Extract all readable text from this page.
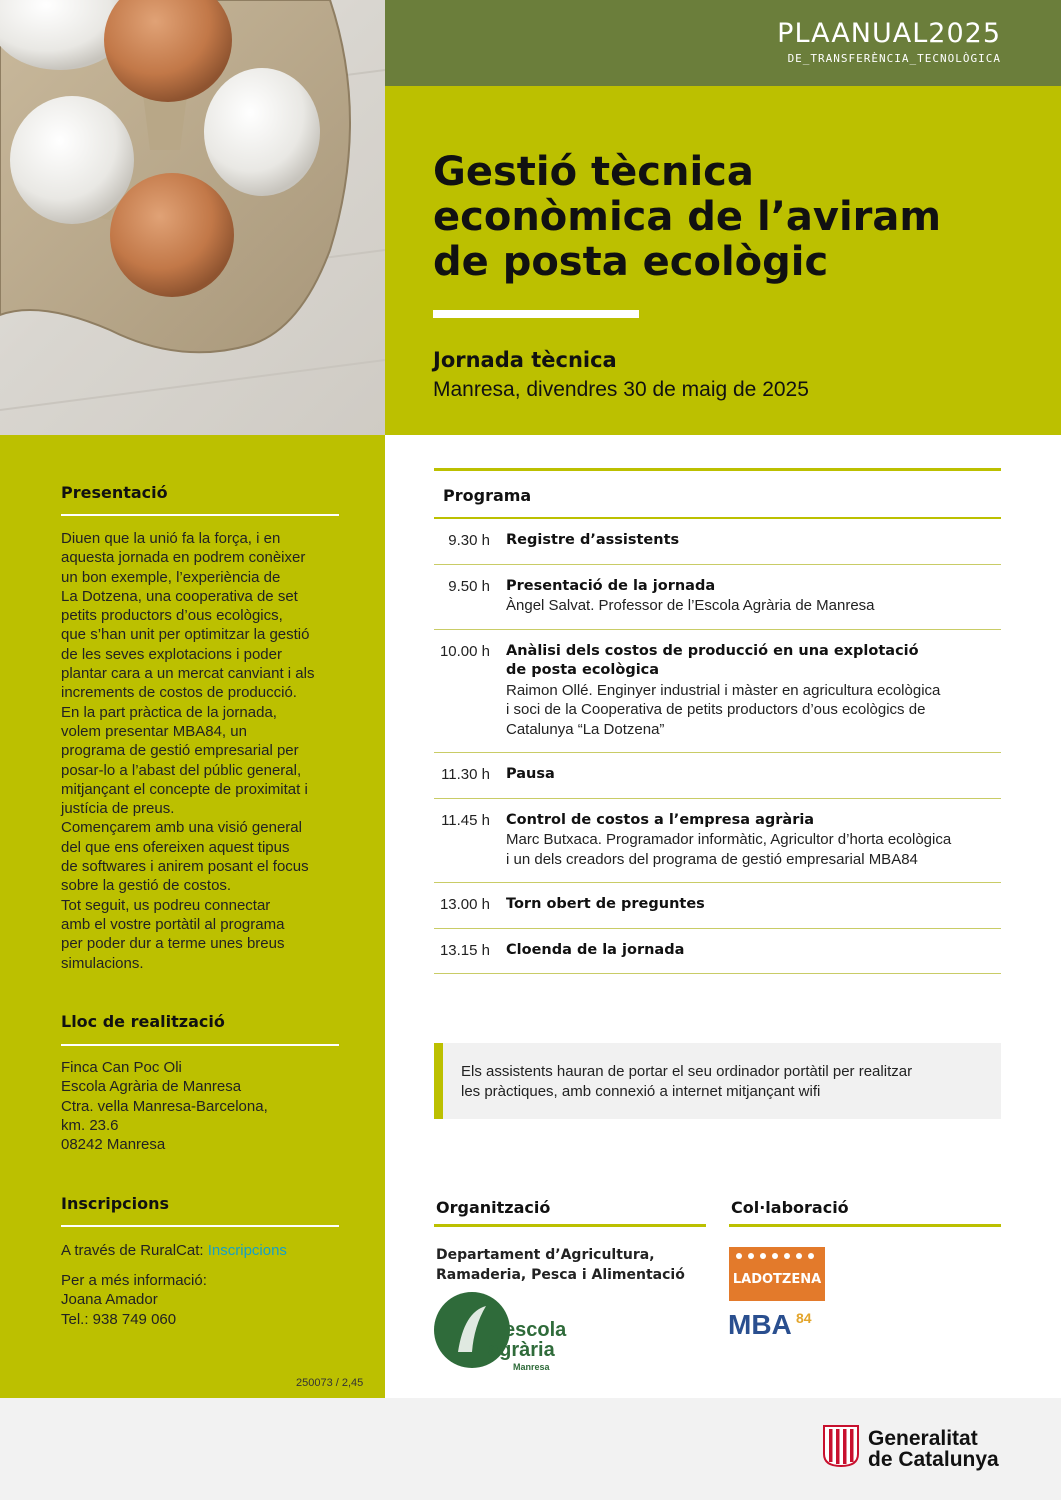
PLAANUAL2025
DE_TRANSFERÈNCIA_TECNOLÒGICA
Gestió tècnica
econòmica de l’aviram
de posta ecològic
Jornada tècnica
Manresa, divendres 30 de maig de 2025
Presentació
Diuen que la unió fa la força, i en
aquesta jornada en podrem conèixer
un bon exemple, l’experiència de
La Dotzena, una cooperativa de set
petits productors d’ous ecològics,
que s’han unit per optimitzar la gestió
de les seves explotacions i poder
plantar cara a un mercat canviant i als
increments de costos de producció.
En la part pràctica de la jornada,
volem presentar MBA84, un
programa de gestió empresarial per
posar-lo a l’abast del públic general,
mitjançant el concepte de proximitat i
justícia de preus.
Començarem amb una visió general
del que ens ofereixen aquest tipus
de softwares i anirem posant el focus
sobre la gestió de costos.
Tot seguit, us podreu connectar
amb el vostre portàtil al programa
per poder dur a terme unes breus
simulacions.
Lloc de realització
Finca Can Poc Oli
Escola Agrària de Manresa
Ctra. vella Manresa-Barcelona,
km. 23.6
08242 Manresa
Inscripcions
A través de RuralCat: Inscripcions
Per a més informació:
Joana Amador
Tel.: 938 749 060
250073 / 2,45
Programa
9.30 h	Registre d’assistents
9.50 h	Presentació de la jornada
Àngel Salvat. Professor de l’Escola Agrària de Manresa
10.00 h	Anàlisi dels costos de producció en una explotació
de posta ecològica
Raimon Ollé. Enginyer industrial i màster en agricultura ecològica
i soci de la Cooperativa de petits productors d’ous ecològics de
Catalunya “La Dotzena”
11.30 h	Pausa
11.45 h	Control de costos a l’empresa agrària
Marc Butxaca. Programador informàtic, Agricultor d’horta ecològica
i un dels creadors del programa de gestió empresarial MBA84
13.00 h	Torn obert de preguntes
13.15 h	Cloenda de la jornada
Els assistents hauran de portar el seu ordinador portàtil per realitzar
les pràctiques, amb connexió a internet mitjançant wifi
Organització
Departament d’Agricultura,
Ramaderia, Pesca i Alimentació
escola
agrària
Manresa
Col·laboració
LADOTZENA
MBA 84
Generalitat
de Catalunya
